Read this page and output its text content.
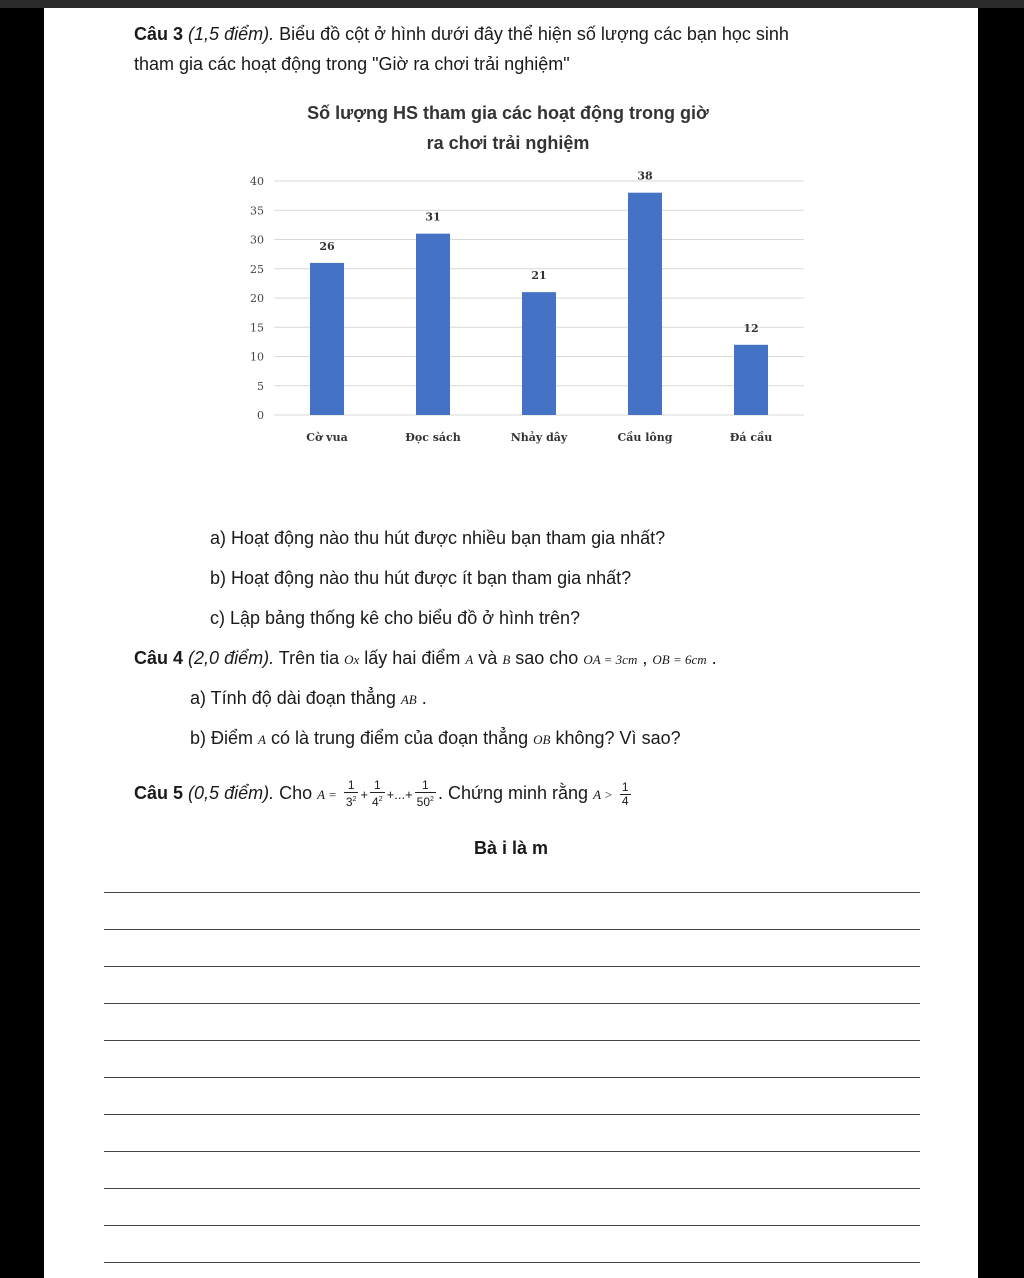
Câu 3 (1,5 điểm). Biểu đồ cột ở hình dưới đây thể hiện số lượng các bạn học sinh
tham gia các hoạt động trong "Giờ ra chơi trải nghiệm"
Số lượng HS tham gia các hoạt động trong giờ
ra chơi trải nghiệm
0
5
10
15
20
25
30
35
40
26
Cờ vua
31
Đọc sách
21
Nhảy dây
38
Cầu lông
12
Đá cầu
a) Hoạt động nào thu hút được nhiều bạn tham gia nhất?
b) Hoạt động nào thu hút được ít bạn tham gia nhất?
c) Lập bảng thống kê cho biểu đồ ở hình trên?
Câu 4 (2,0 điểm). Trên tia Ox lấy hai điểm A và B sao cho OA = 3cm , OB = 6cm .
a) Tính độ dài đoạn thẳng AB .
b) Điểm A có là trung điểm của đoạn thẳng OB không? Vì sao?
Câu 5 (0,5 điểm). Cho $A = \frac{1}{3^2} + \frac{1}{4^2}$ +...+ $\frac{1}{50^2}$ . Chứng minh rằng $A > \frac{1}{4}$
Bà i là m
